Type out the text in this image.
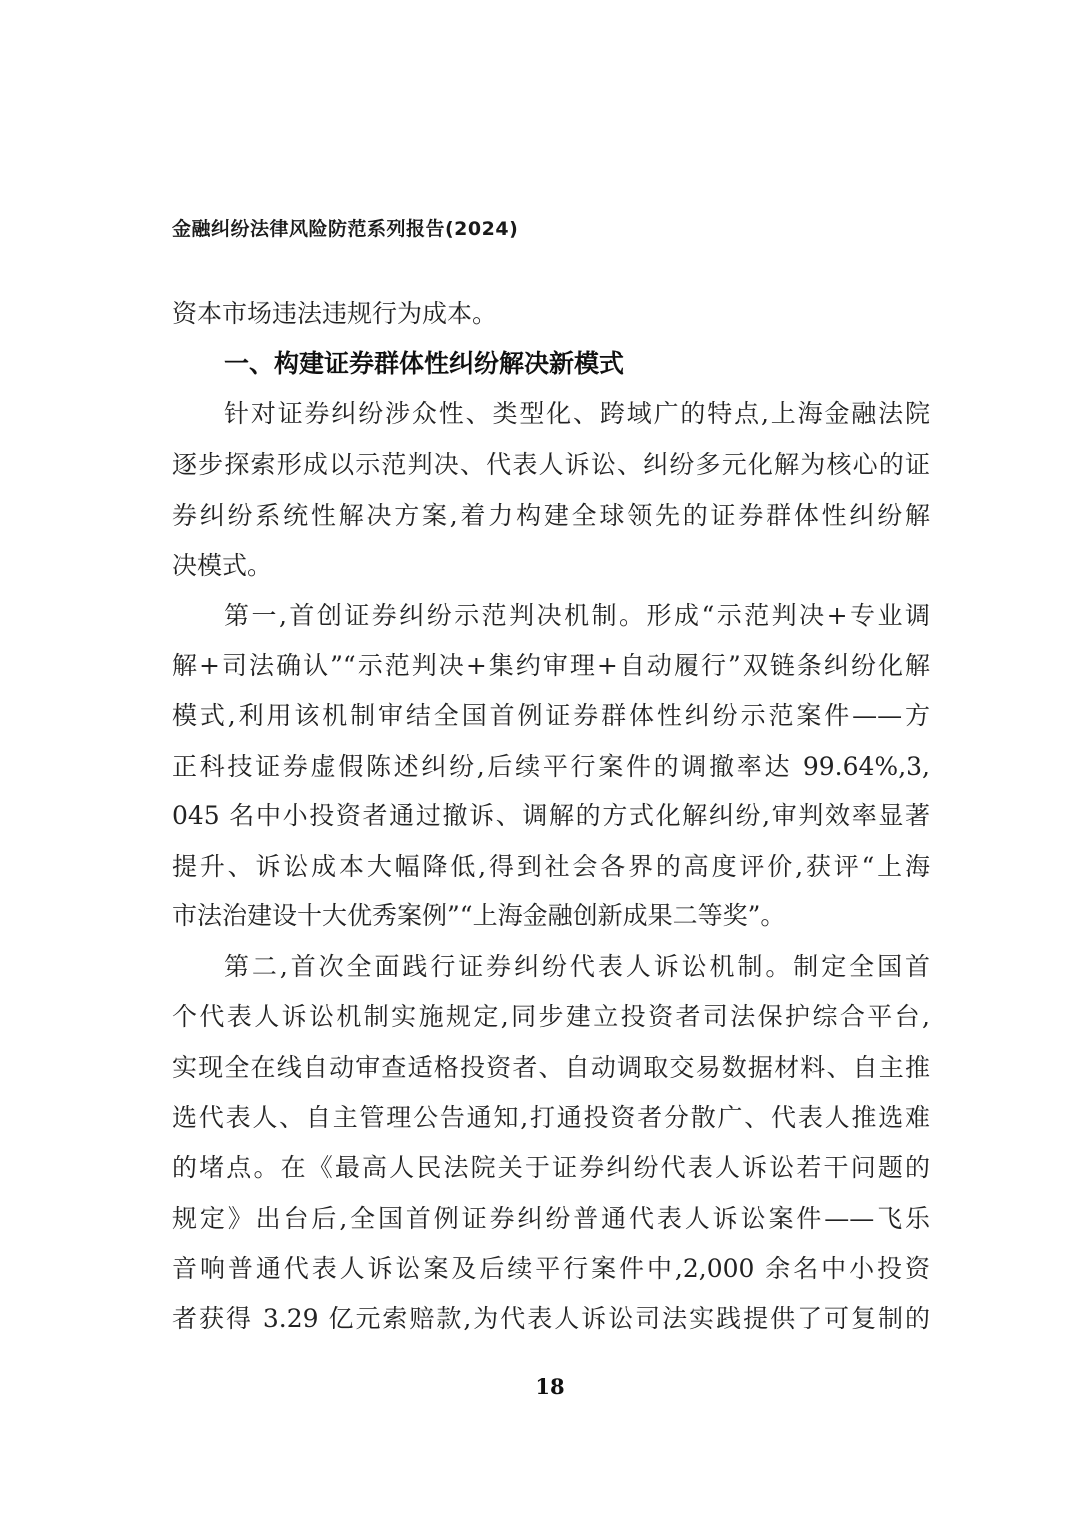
金融纠纷法律风险防范系列报告(2024)
资本市场违法违规行为成本。
一、构建证券群体性纠纷解决新模式
针对证券纠纷涉众性、类型化、跨域广的特点,上海金融法院
逐步探索形成以示范判决、代表人诉讼、纠纷多元化解为核心的证
券纠纷系统性解决方案,着力构建全球领先的证券群体性纠纷解
决模式。
第一,首创证券纠纷示范判决机制。形成“示范判决+专业调
解+司法确认”“示范判决+集约审理+自动履行”双链条纠纷化解
模式,利用该机制审结全国首例证券群体性纠纷示范案件——方
正科技证券虚假陈述纠纷,后续平行案件的调撤率达 99.64%,3,
045 名中小投资者通过撤诉、调解的方式化解纠纷,审判效率显著
提升、诉讼成本大幅降低,得到社会各界的高度评价,获评“上海
市法治建设十大优秀案例”“上海金融创新成果二等奖”。
第二,首次全面践行证券纠纷代表人诉讼机制。制定全国首
个代表人诉讼机制实施规定,同步建立投资者司法保护综合平台,
实现全在线自动审查适格投资者、自动调取交易数据材料、自主推
选代表人、自主管理公告通知,打通投资者分散广、代表人推选难
的堵点。在《最高人民法院关于证券纠纷代表人诉讼若干问题的
规定》出台后,全国首例证券纠纷普通代表人诉讼案件——飞乐
音响普通代表人诉讼案及后续平行案件中,2,000 余名中小投资
者获得 3.29 亿元索赔款,为代表人诉讼司法实践提供了可复制的
18
